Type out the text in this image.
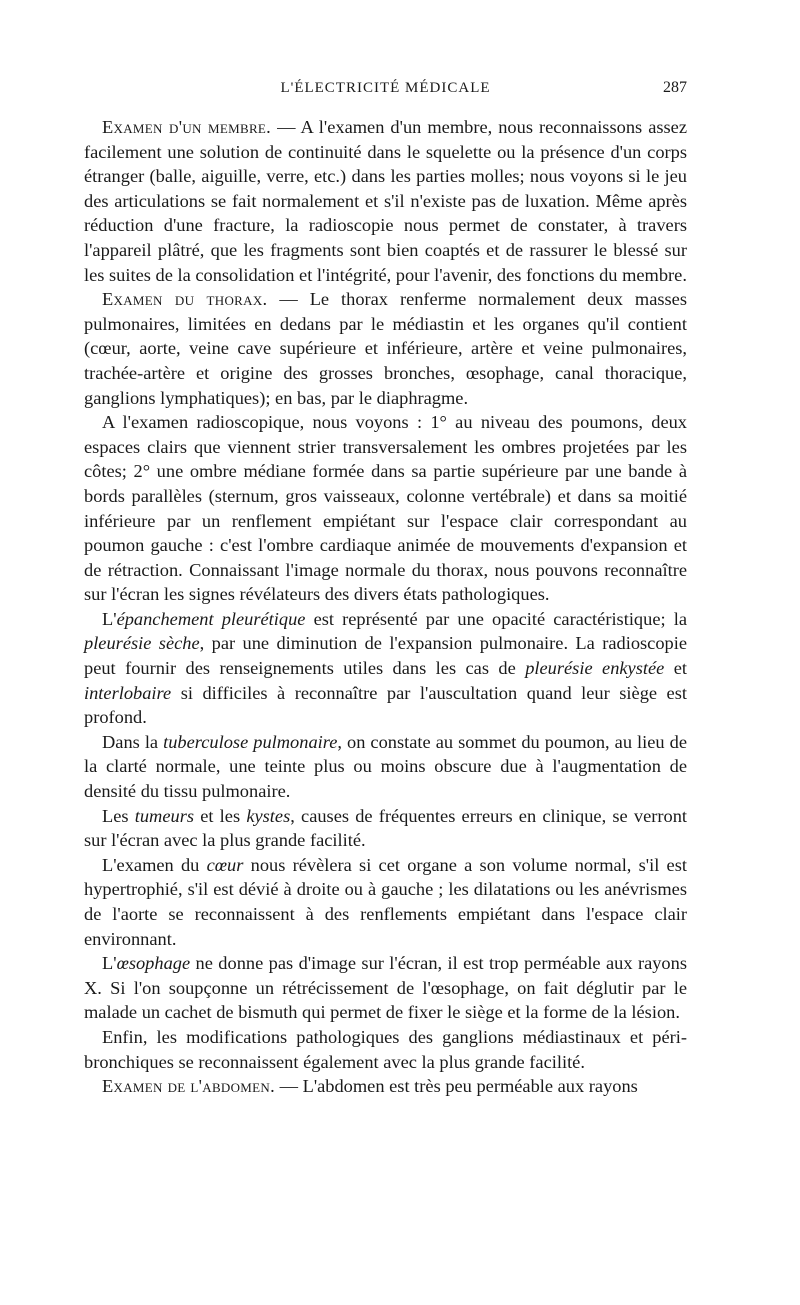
L'ÉLECTRICITÉ MÉDICALE	287

Examen d'un membre. — A l'examen d'un membre, nous reconnaissons assez facilement une solution de continuité dans le squelette ou la présence d'un corps étranger (balle, aiguille, verre, etc.) dans les parties molles; nous voyons si le jeu des articulations se fait normalement et s'il n'existe pas de luxation. Même après réduction d'une fracture, la radioscopie nous permet de constater, à travers l'appareil plâtré, que les fragments sont bien coaptés et de rassurer le blessé sur les suites de la consolidation et l'intégrité, pour l'avenir, des fonctions du membre.

Examen du thorax. — Le thorax renferme normalement deux masses pulmonaires, limitées en dedans par le médiastin et les organes qu'il contient (cœur, aorte, veine cave supérieure et inférieure, artère et veine pulmonaires, trachée-artère et origine des grosses bronches, œsophage, canal thoracique, ganglions lymphatiques); en bas, par le diaphragme.

A l'examen radioscopique, nous voyons : 1° au niveau des poumons, deux espaces clairs que viennent strier transversalement les ombres projetées par les côtes; 2° une ombre médiane formée dans sa partie supérieure par une bande à bords parallèles (sternum, gros vaisseaux, colonne vertébrale) et dans sa moitié inférieure par un renflement empiétant sur l'espace clair correspondant au poumon gauche : c'est l'ombre cardiaque animée de mouvements d'expansion et de rétraction. Connaissant l'image normale du thorax, nous pouvons reconnaître sur l'écran les signes révélateurs des divers états pathologiques.

L'épanchement pleurétique est représenté par une opacité caractéristique; la pleurésie sèche, par une diminution de l'expansion pulmonaire. La radioscopie peut fournir des renseignements utiles dans les cas de pleurésie enkystée et interlobaire si difficiles à reconnaître par l'auscultation quand leur siège est profond.

Dans la tuberculose pulmonaire, on constate au sommet du poumon, au lieu de la clarté normale, une teinte plus ou moins obscure due à l'augmentation de densité du tissu pulmonaire.

Les tumeurs et les kystes, causes de fréquentes erreurs en clinique, se verront sur l'écran avec la plus grande facilité.

L'examen du cœur nous révèlera si cet organe a son volume normal, s'il est hypertrophié, s'il est dévié à droite ou à gauche ; les dilatations ou les anévrismes de l'aorte se reconnaissent à des renflements empiétant dans l'espace clair environnant.

L'œsophage ne donne pas d'image sur l'écran, il est trop perméable aux rayons X. Si l'on soupçonne un rétrécissement de l'œsophage, on fait déglutir par le malade un cachet de bismuth qui permet de fixer le siège et la forme de la lésion.

Enfin, les modifications pathologiques des ganglions médiastinaux et péri-bronchiques se reconnaissent également avec la plus grande facilité.

Examen de l'abdomen. — L'abdomen est très peu perméable aux rayons
